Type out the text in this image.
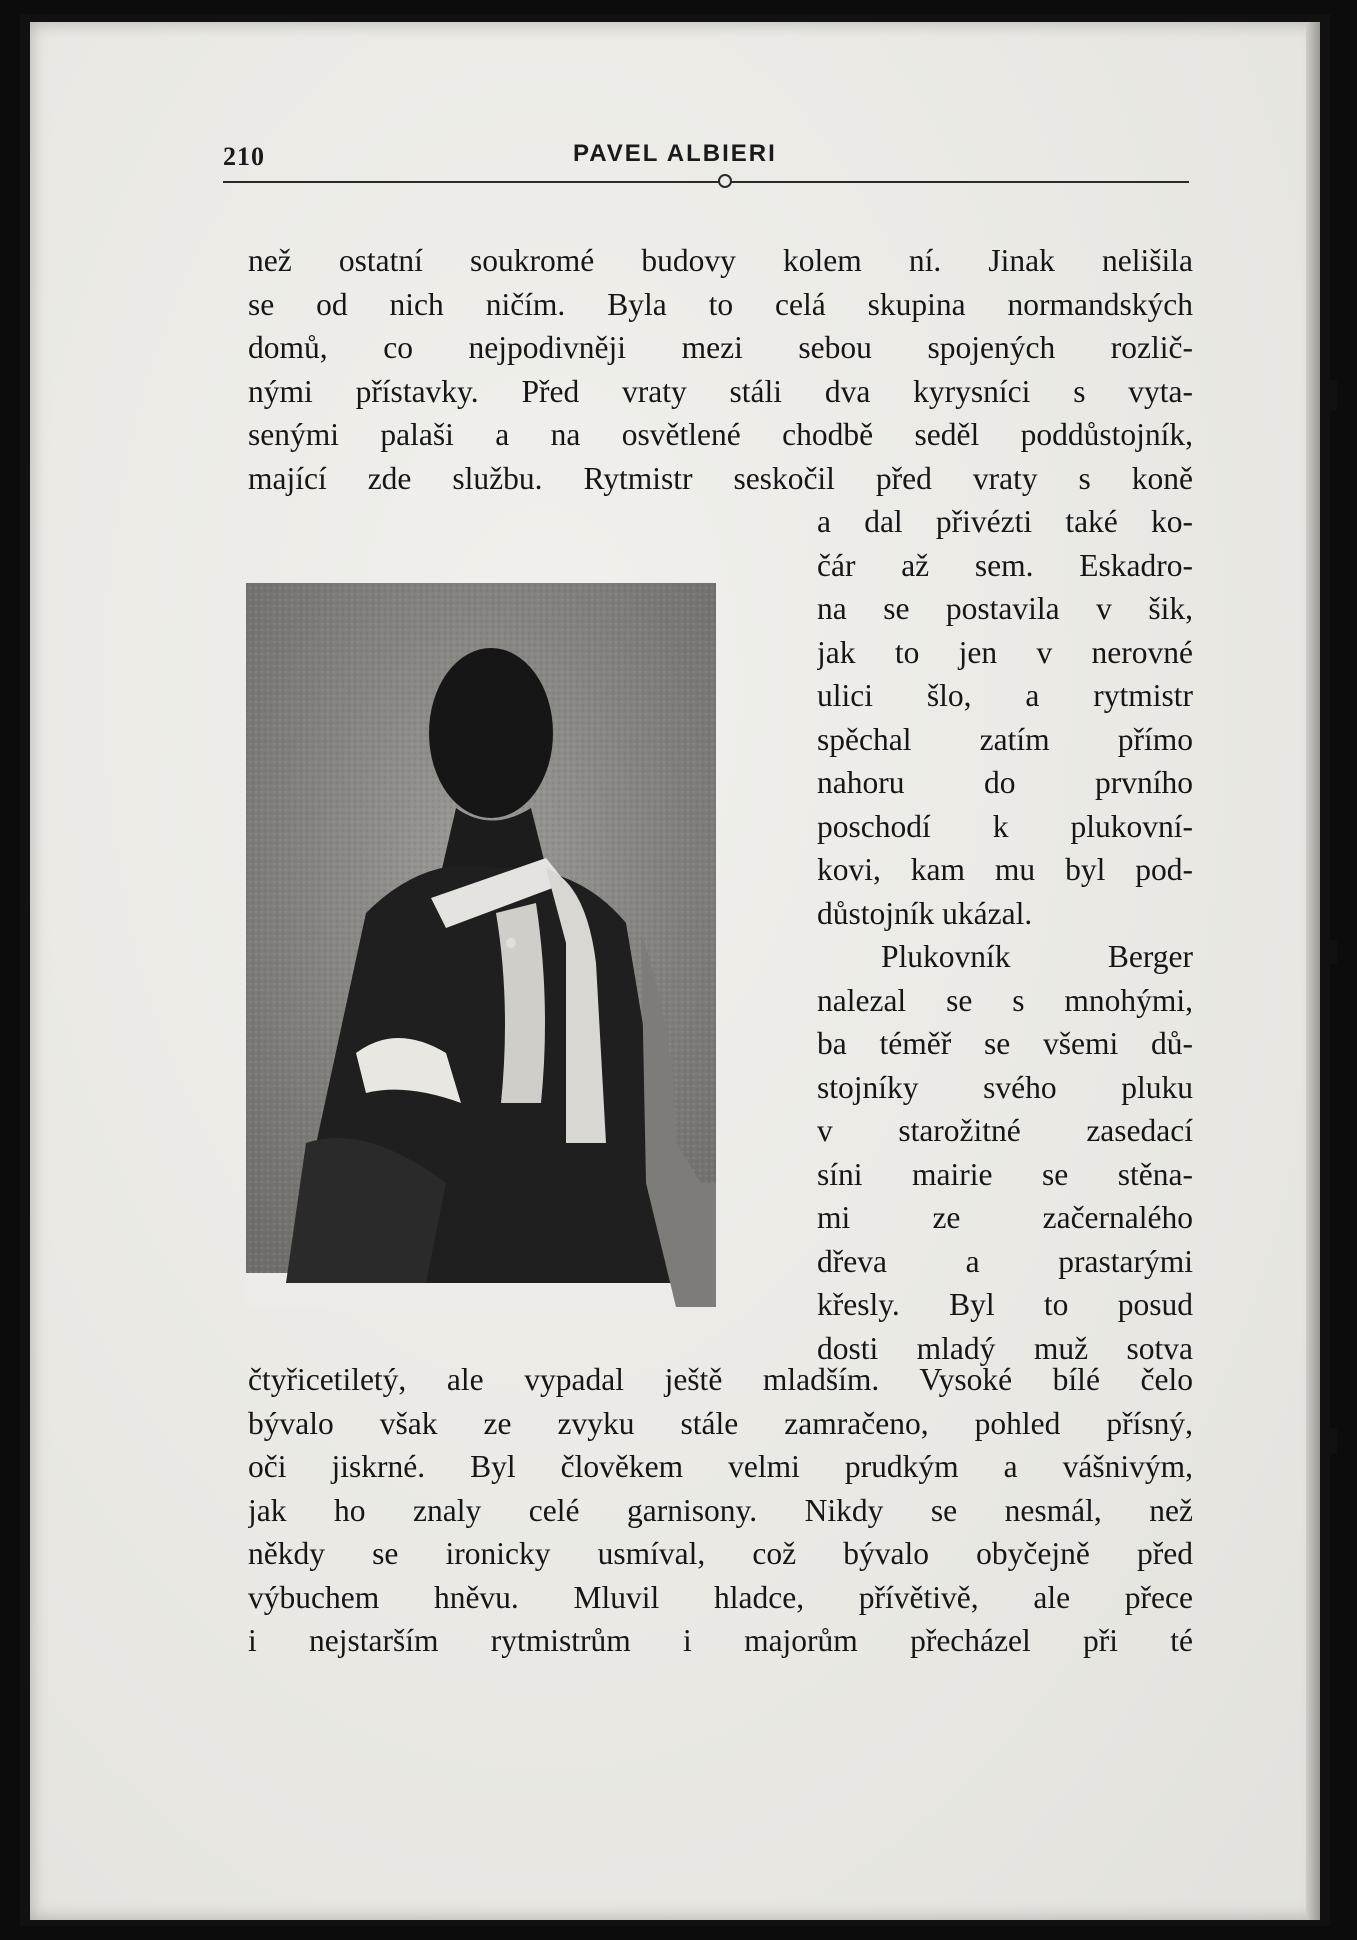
210	PAVEL ALBIERI
než ostatní soukromé budovy kolem ní. Jinak nelišila
se od nich ničím. Byla to celá skupina normandských
domů, co nejpodivněji mezi sebou spojených rozlič-
nými přístavky. Před vraty stáli dva kyrysníci s vyta-
senými palaši a na osvětlené chodbě seděl poddůstojník,
mající zde službu. Rytmistr seskočil před vraty s koně
a dal přivézti také ko-
čár až sem. Eskadro-
na se postavila v šik,
jak to jen v nerovné
ulici šlo, a rytmistr
spěchal zatím přímo
nahoru do prvního
poschodí k plukovní-
kovi, kam mu byl pod-
důstojník ukázal.
Plukovník Berger
nalezal se s mnohými,
ba téměř se všemi dů-
stojníky svého pluku
v starožitné zasedací
síni mairie se stěna-
mi ze začernalého
dřeva a prastarými
křesly. Byl to posud
dosti mladý muž sotva
čtyřicetiletý, ale vypadal ještě mladším. Vysoké bílé čelo
bývalo však ze zvyku stále zamračeno, pohled přísný,
oči jiskrné. Byl člověkem velmi prudkým a vášnivým,
jak ho znaly celé garnisony. Nikdy se nesmál, než
někdy se ironicky usmíval, což bývalo obyčejně před
výbuchem hněvu. Mluvil hladce, přívětivě, ale přece
i nejstarším rytmistrům i majorům přecházel při té
